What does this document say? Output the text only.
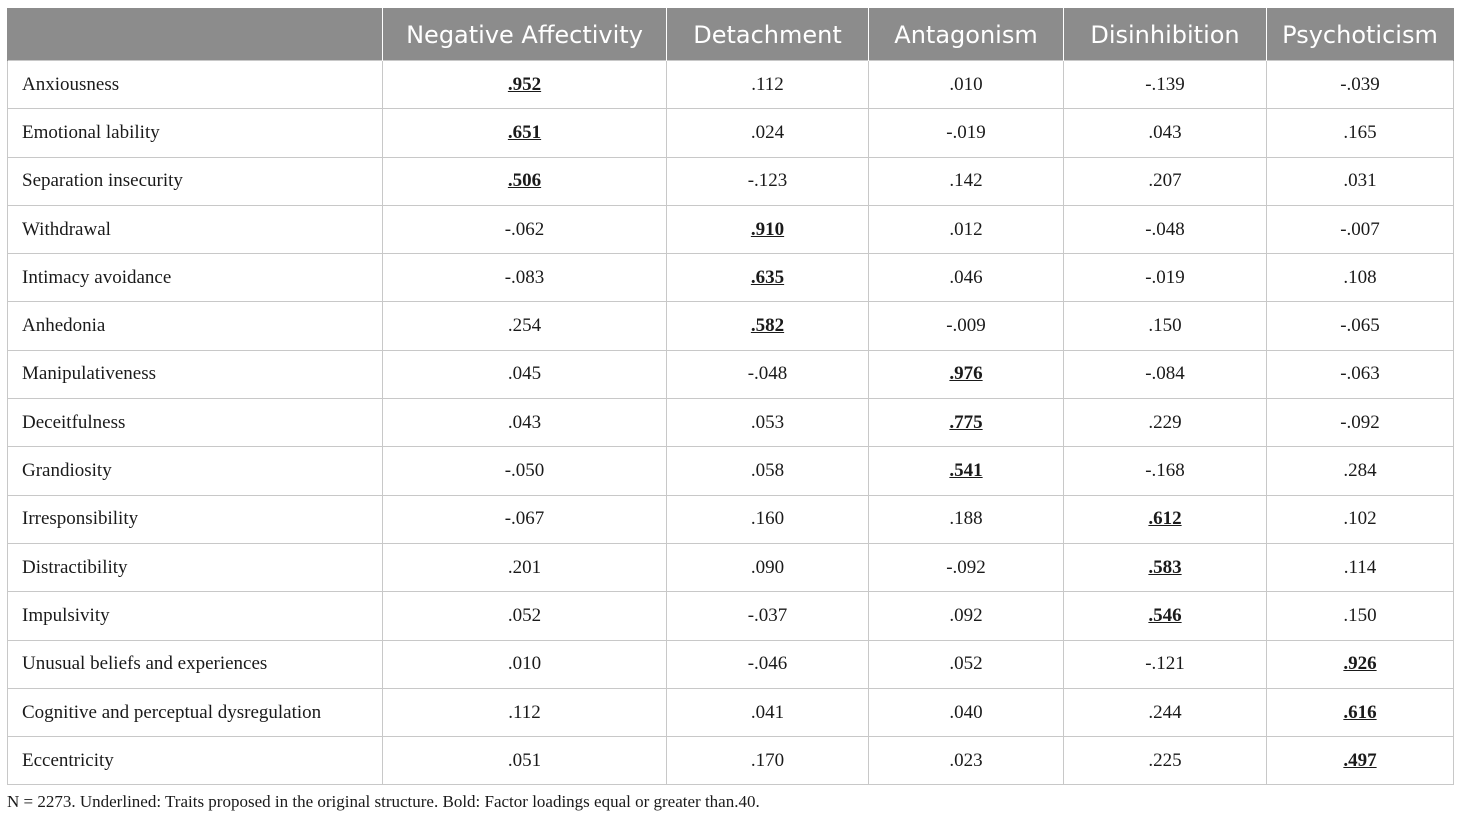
	Negative Affectivity	Detachment	Antagonism	Disinhibition	Psychoticism
Anxiousness	.952	.112	.010	-.139	-.039
Emotional lability	.651	.024	-.019	.043	.165
Separation insecurity	.506	-.123	.142	.207	.031
Withdrawal	-.062	.910	.012	-.048	-.007
Intimacy avoidance	-.083	.635	.046	-.019	.108
Anhedonia	.254	.582	-.009	.150	-.065
Manipulativeness	.045	-.048	.976	-.084	-.063
Deceitfulness	.043	.053	.775	.229	-.092
Grandiosity	-.050	.058	.541	-.168	.284
Irresponsibility	-.067	.160	.188	.612	.102
Distractibility	.201	.090	-.092	.583	.114
Impulsivity	.052	-.037	.092	.546	.150
Unusual beliefs and experiences	.010	-.046	.052	-.121	.926
Cognitive and perceptual dysregulation	.112	.041	.040	.244	.616
Eccentricity	.051	.170	.023	.225	.497
N = 2273. Underlined: Traits proposed in the original structure. Bold: Factor loadings equal or greater than.40.
